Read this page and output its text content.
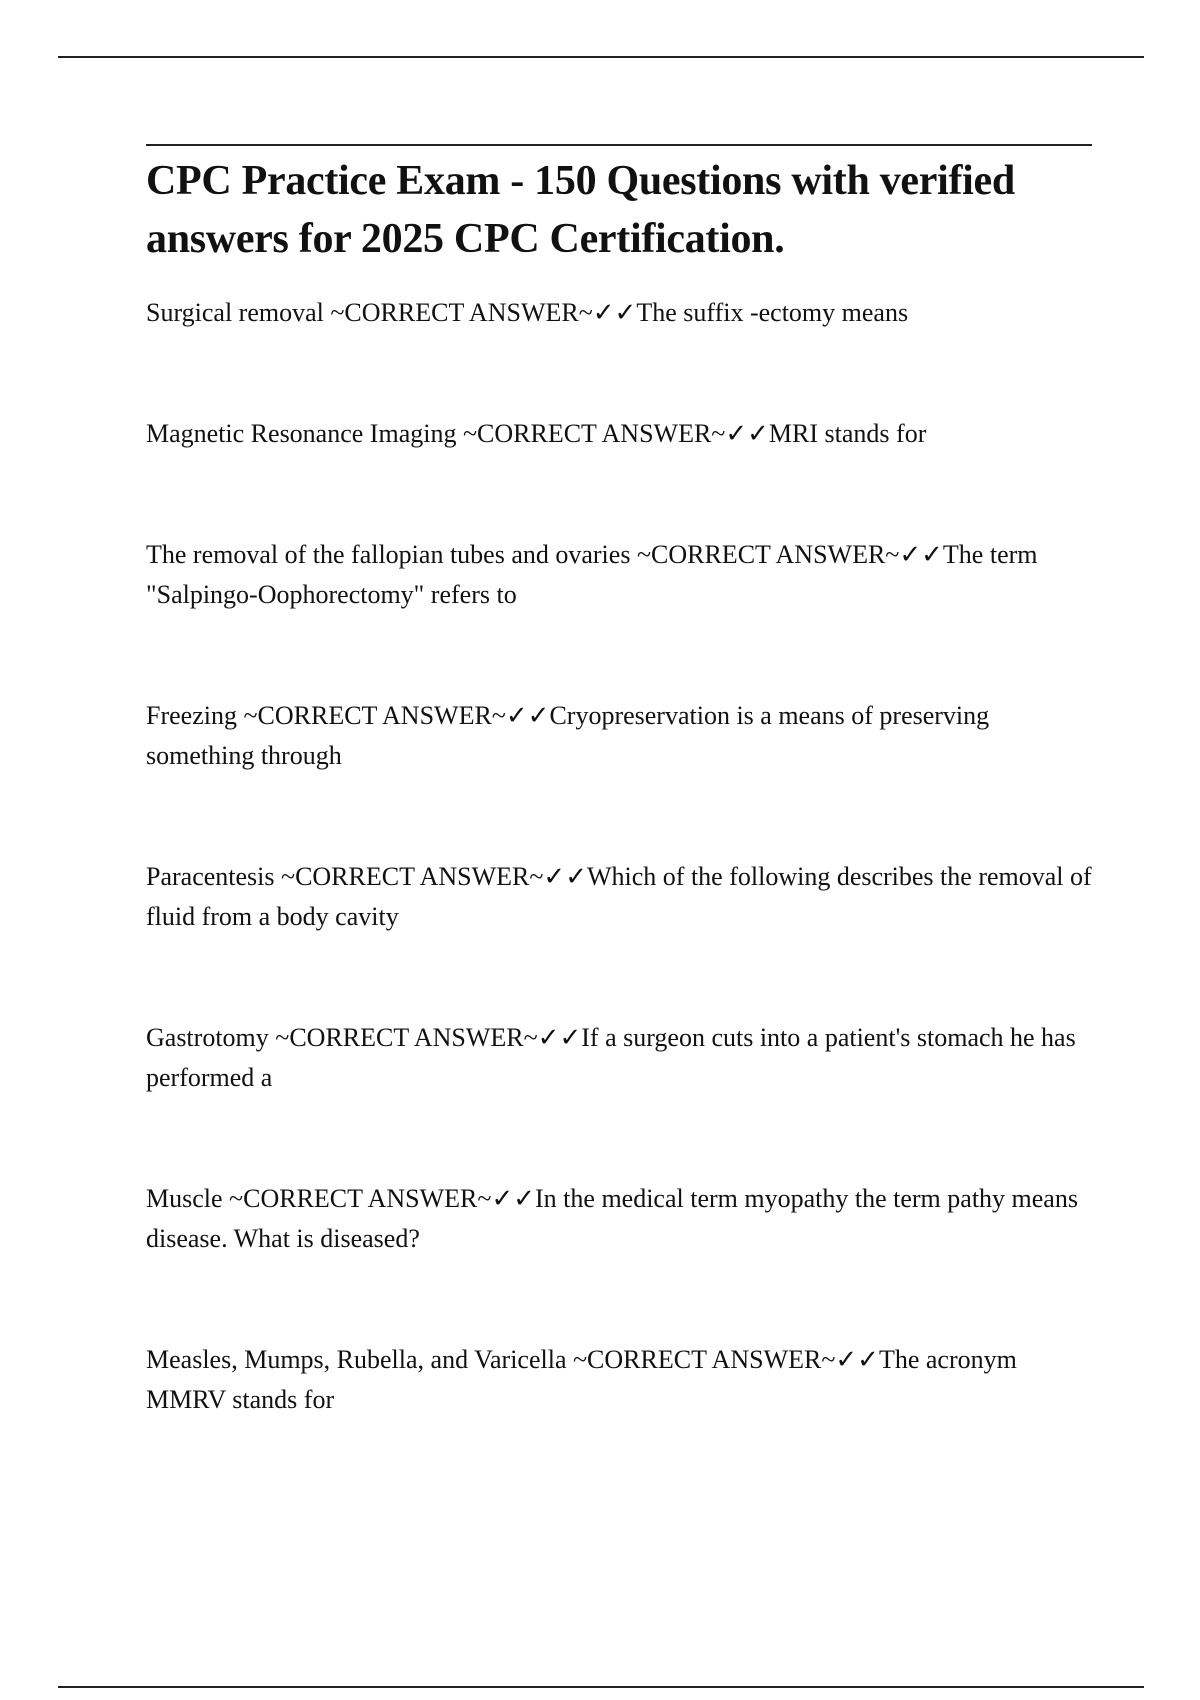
CPC Practice Exam - 150 Questions with verified answers for 2025 CPC Certification.

Surgical removal ~CORRECT ANSWER~✓✓The suffix -ectomy means

Magnetic Resonance Imaging ~CORRECT ANSWER~✓✓MRI stands for

The removal of the fallopian tubes and ovaries ~CORRECT ANSWER~✓✓The term "Salpingo-Oophorectomy" refers to

Freezing ~CORRECT ANSWER~✓✓Cryopreservation is a means of preserving something through

Paracentesis ~CORRECT ANSWER~✓✓Which of the following describes the removal of fluid from a body cavity

Gastrotomy ~CORRECT ANSWER~✓✓If a surgeon cuts into a patient's stomach he has performed a

Muscle ~CORRECT ANSWER~✓✓In the medical term myopathy the term pathy means disease. What is diseased?

Measles, Mumps, Rubella, and Varicella ~CORRECT ANSWER~✓✓The acronym MMRV stands for
